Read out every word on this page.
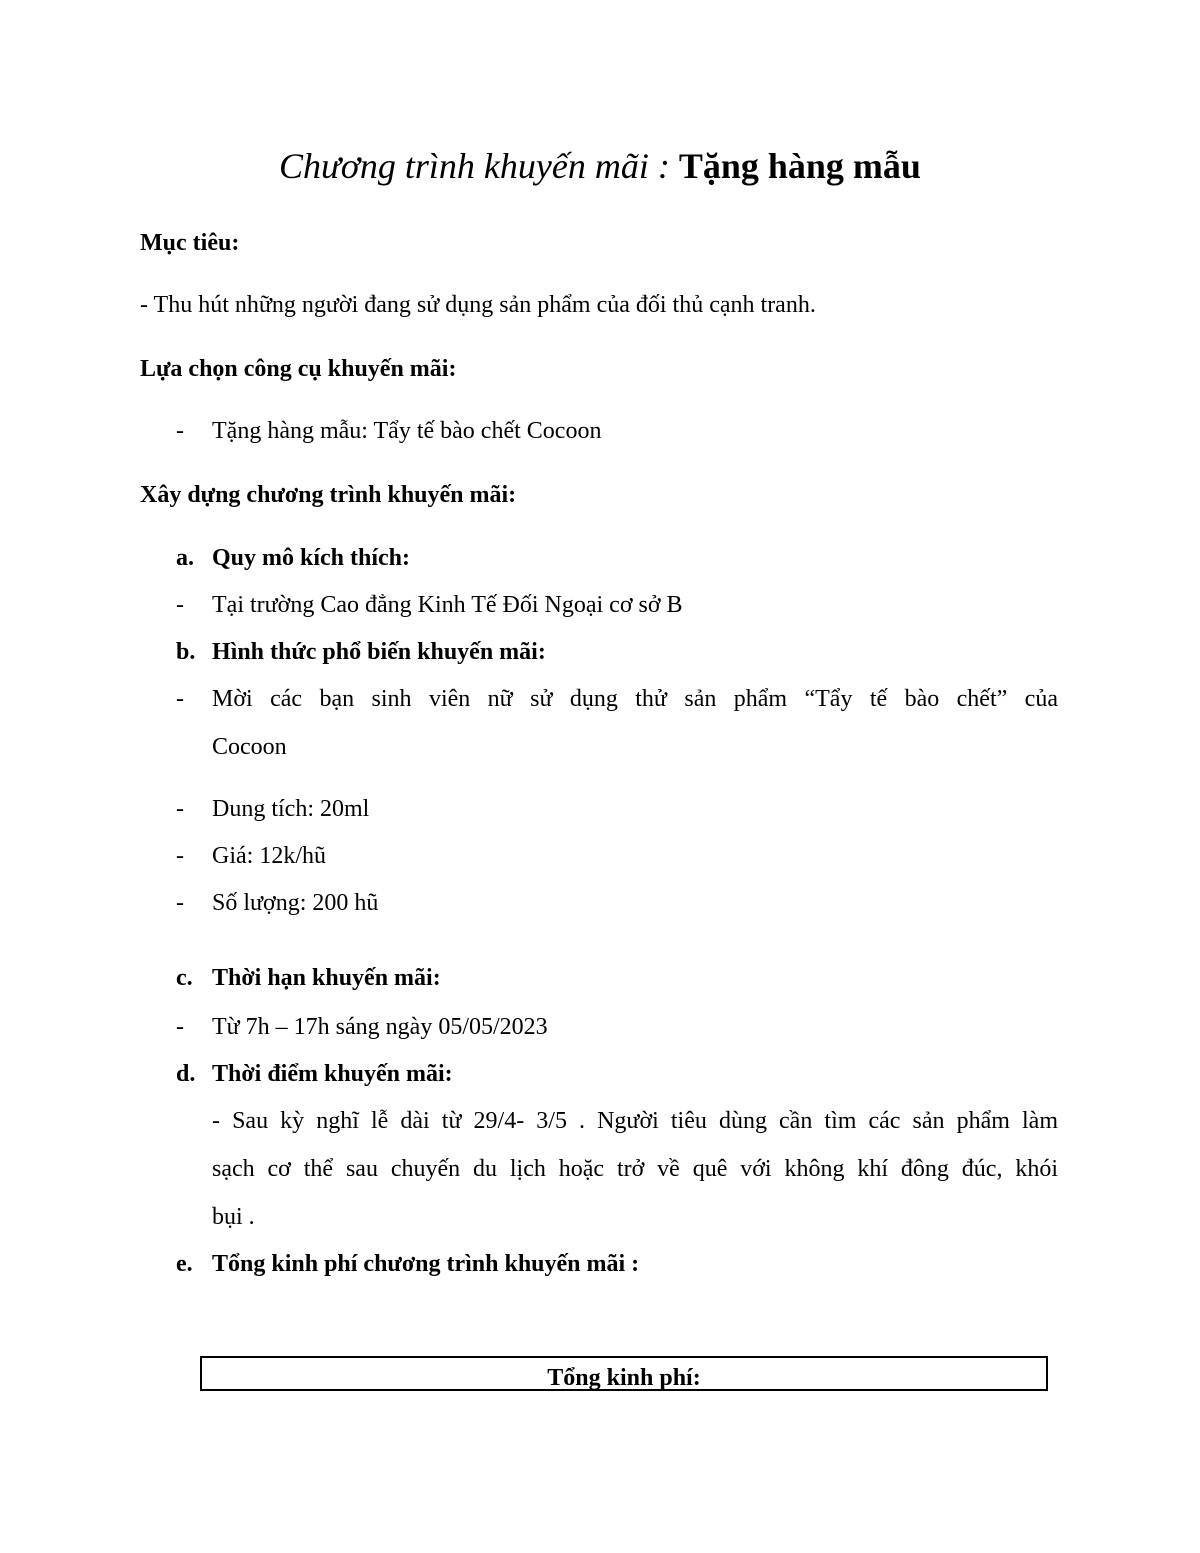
Chương trình khuyến mãi : Tặng hàng mẫu
Mục tiêu:
- Thu hút những người đang sử dụng sản phẩm của đối thủ cạnh tranh.
Lựa chọn công cụ khuyến mãi:
- Tặng hàng mẫu: Tẩy tế bào chết Cocoon
Xây dựng chương trình khuyến mãi:
a. Quy mô kích thích:
- Tại trường Cao đẳng Kinh Tế Đối Ngoại cơ sở B
b. Hình thức phổ biến khuyến mãi:
- Mời các bạn sinh viên nữ sử dụng thử sản phẩm “Tẩy tế bào chết” của
Cocoon
- Dung tích: 20ml
- Giá: 12k/hũ
- Số lượng: 200 hũ
c. Thời hạn khuyến mãi:
- Từ 7h – 17h sáng ngày 05/05/2023
d. Thời điểm khuyến mãi:
- Sau kỳ nghĩ lễ dài từ 29/4- 3/5 . Người tiêu dùng cần tìm các sản phẩm làm
sạch cơ thể sau chuyến du lịch hoặc trở về quê với không khí đông đúc, khói
bụi .
e. Tổng kinh phí chương trình khuyến mãi :
Tổng kinh phí:
